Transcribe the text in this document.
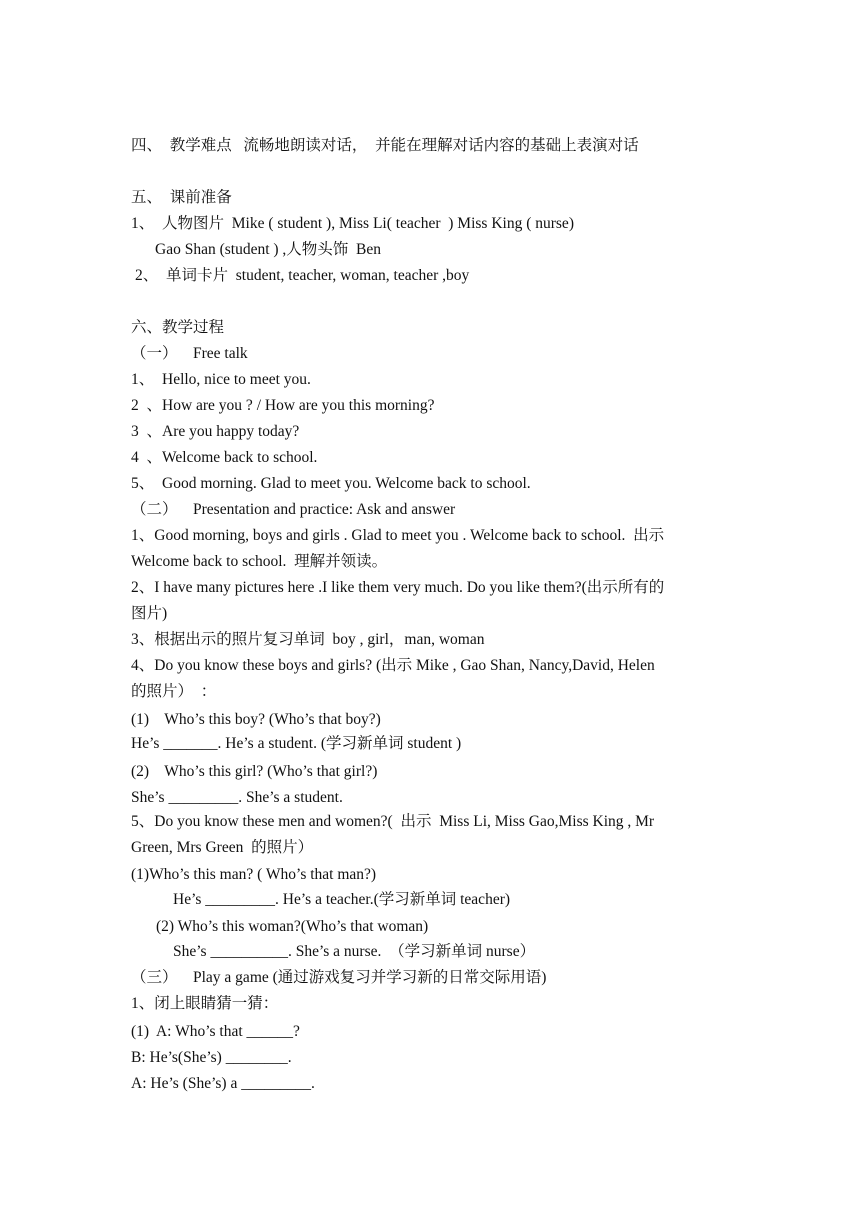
四、  教学难点   流畅地朗读对话，  并能在理解对话内容的基础上表演对话
五、  课前准备
1、  人物图片  Mike ( student ), Miss Li( teacher  ) Miss King ( nurse)
Gao Shan (student ) ,人物头饰  Ben
2、  单词卡片  student, teacher, woman, teacher ,boy
六、教学过程
（一）    Free talk
1、  Hello, nice to meet you.
2  、How are you ? / How are you this morning?
3  、Are you happy today?
4  、Welcome back to school.
5、  Good morning. Glad to meet you. Welcome back to school.
（二）    Presentation and practice: Ask and answer
1、Good morning, boys and girls . Glad to meet you . Welcome back to school.  出示
Welcome back to school.  理解并领读。
2、I have many pictures here .I like them very much. Do you like them?(出示所有的
图片)
3、根据出示的照片复习单词  boy , girl，man, woman
4、Do you know these boys and girls? (出示 Mike , Gao Shan, Nancy,David, Helen
的照片）  ：
(1)    Who’s this boy? (Who’s that boy?)
He’s _______. He’s a student. (学习新单词 student )
(2)    Who’s this girl? (Who’s that girl?)
She’s _________. She’s a student.
5、Do you know these men and women?(  出示  Miss Li, Miss Gao,Miss King , Mr
Green, Mrs Green  的照片）
(1)Who’s this man? ( Who’s that man?)
He’s _________. He’s a teacher.(学习新单词 teacher)
(2) Who’s this woman?(Who’s that woman)
She’s __________. She’s a nurse.  （学习新单词 nurse）
（三）    Play a game (通过游戏复习并学习新的日常交际用语)
1、闭上眼睛猜一猜：
(1)  A: Who’s that ______?
B: He’s(She’s) ________.
A: He’s (She’s) a _________.
